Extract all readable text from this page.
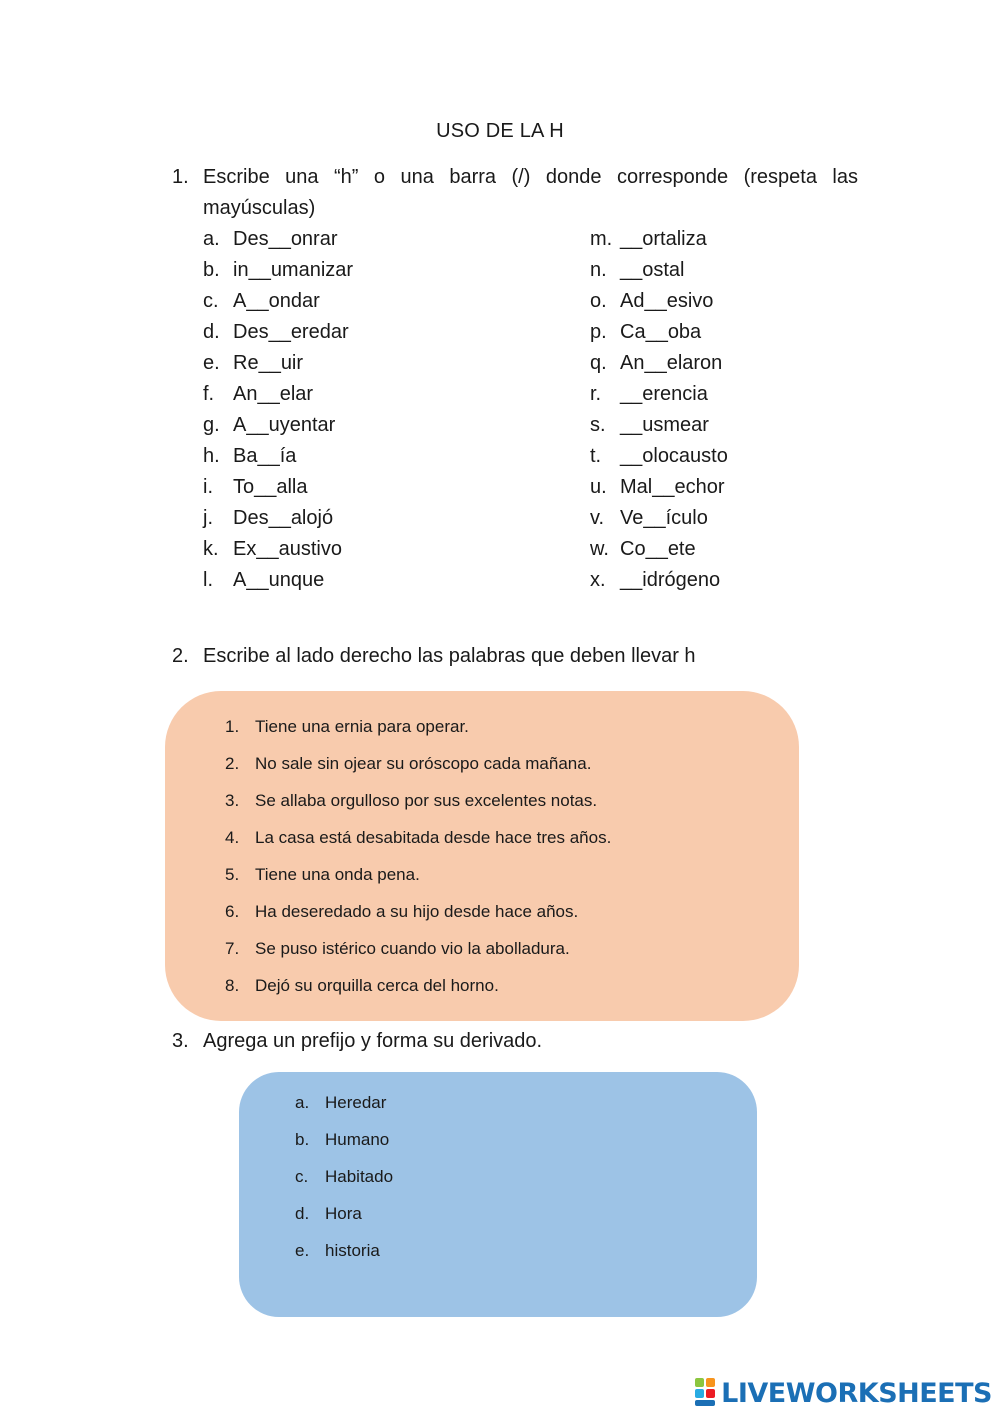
USO DE LA H
1. Escribe una “h” o una barra (/) donde corresponde (respeta las
mayúsculas)
a. Des__onrar
b. in__umanizar
c. A__ondar
d. Des__eredar
e. Re__uir
f. An__elar
g. A__uyentar
h. Ba__ía
i. To__alla
j. Des__alojó
k. Ex__austivo
l. A__unque
m. __ortaliza
n. __ostal
o. Ad__esivo
p. Ca__oba
q. An__elaron
r. __erencia
s. __usmear
t. __olocausto
u. Mal__echor
v. Ve__ículo
w. Co__ete
x. __idrógeno
2. Escribe al lado derecho las palabras que deben llevar h
1. Tiene una ernia para operar.
2. No sale sin ojear su oróscopo cada mañana.
3. Se allaba orgulloso por sus excelentes notas.
4. La casa está desabitada desde hace tres años.
5. Tiene una onda pena.
6. Ha deseredado a su hijo desde hace años.
7. Se puso istérico cuando vio la abolladura.
8. Dejó su orquilla cerca del horno.
3. Agrega un prefijo y forma su derivado.
a. Heredar
b. Humano
c. Habitado
d. Hora
e. historia
LIVEWORKSHEETS
